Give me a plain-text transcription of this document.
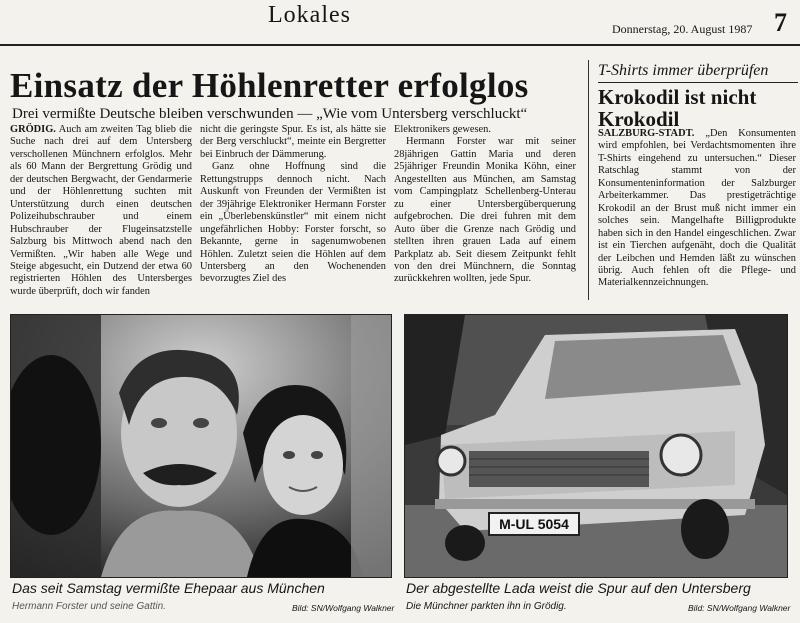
Lokales
Donnerstag, 20. August 1987 7
Einsatz der Höhlenretter erfolglos
Drei vermißte Deutsche bleiben verschwunden — „Wie vom Untersberg verschluckt“

GRÖDIG. Auch am zweiten Tag blieb die Suche nach drei auf dem Untersberg verschollenen Münchnern erfolglos. Mehr als 60 Mann der Bergrettung Grödig und der deutschen Bergwacht, der Gendarmerie und der Höhlenrettung suchten mit Unterstützung durch einen deutschen Polizeihubschrauber und einem Hubschrauber der Flugeinsatzstelle Salzburg bis Mittwoch abend nach den Vermißten. „Wir haben alle Wege und Steige abgesucht, ein Dutzend der etwa 60 registrierten Höhlen des Untersberges wurde überprüft, doch wir fanden

nicht die geringste Spur. Es ist, als hätte sie der Berg verschluckt“, meinte ein Bergretter bei Einbruch der Dämmerung.

Ganz ohne Hoffnung sind die Rettungstrupps dennoch nicht. Nach Auskunft von Freunden der Vermißten ist der 39jährige Elektroniker Hermann Forster ein „Überlebenskünstler“ mit einem nicht ungefährlichen Hobby: Forster forscht, so Bekannte, gerne in sagenumwobenen Höhlen. Zuletzt seien die Höhlen auf dem Untersberg an den Wochenenden bevorzugtes Ziel des

Elektronikers gewesen.

Hermann Forster war mit seiner 28jährigen Gattin Maria und deren 25jähriger Freundin Monika Köhn, einer Angestellten aus München, am Samstag vom Campingplatz Schellenberg-Unterau zu einer Untersbergüberquerung aufgebrochen. Die drei fuhren mit dem Auto über die Grenze nach Grödig und stellten ihren grauen Lada auf einem Parkplatz ab. Seit diesem Zeitpunkt fehlt von den drei Münchnern, die Sonntag zurückkehren wollten, jede Spur.

T-Shirts immer überprüfen
Krokodil ist nicht Krokodil

SALZBURG-STADT. „Den Konsumenten wird empfohlen, bei Verdachtsmomenten ihre T-Shirts eingehend zu untersuchen.“ Dieser Ratschlag stammt von der Konsumenteninformation der Salzburger Arbeiterkammer. Das prestigeträchtige Krokodil an der Brust muß nicht immer ein solches sein. Mangelhafte Billigprodukte haben sich in den Handel eingeschlichen. Zwar ist ein Tierchen aufgenäht, doch die Qualität der Leibchen und Hemden läßt zu wünschen übrig. Auch fehlen oft die Pflege- und Materialkennzeichnungen.

M-UL 5054
Das seit Samstag vermißte Ehepaar aus München
Hermann Forster und seine Gattin.	Bild: SN/Wolfgang Walkner
Der abgestellte Lada weist die Spur auf den Untersberg
Die Münchner parkten ihn in Grödig.	Bild: SN/Wolfgang Walkner
